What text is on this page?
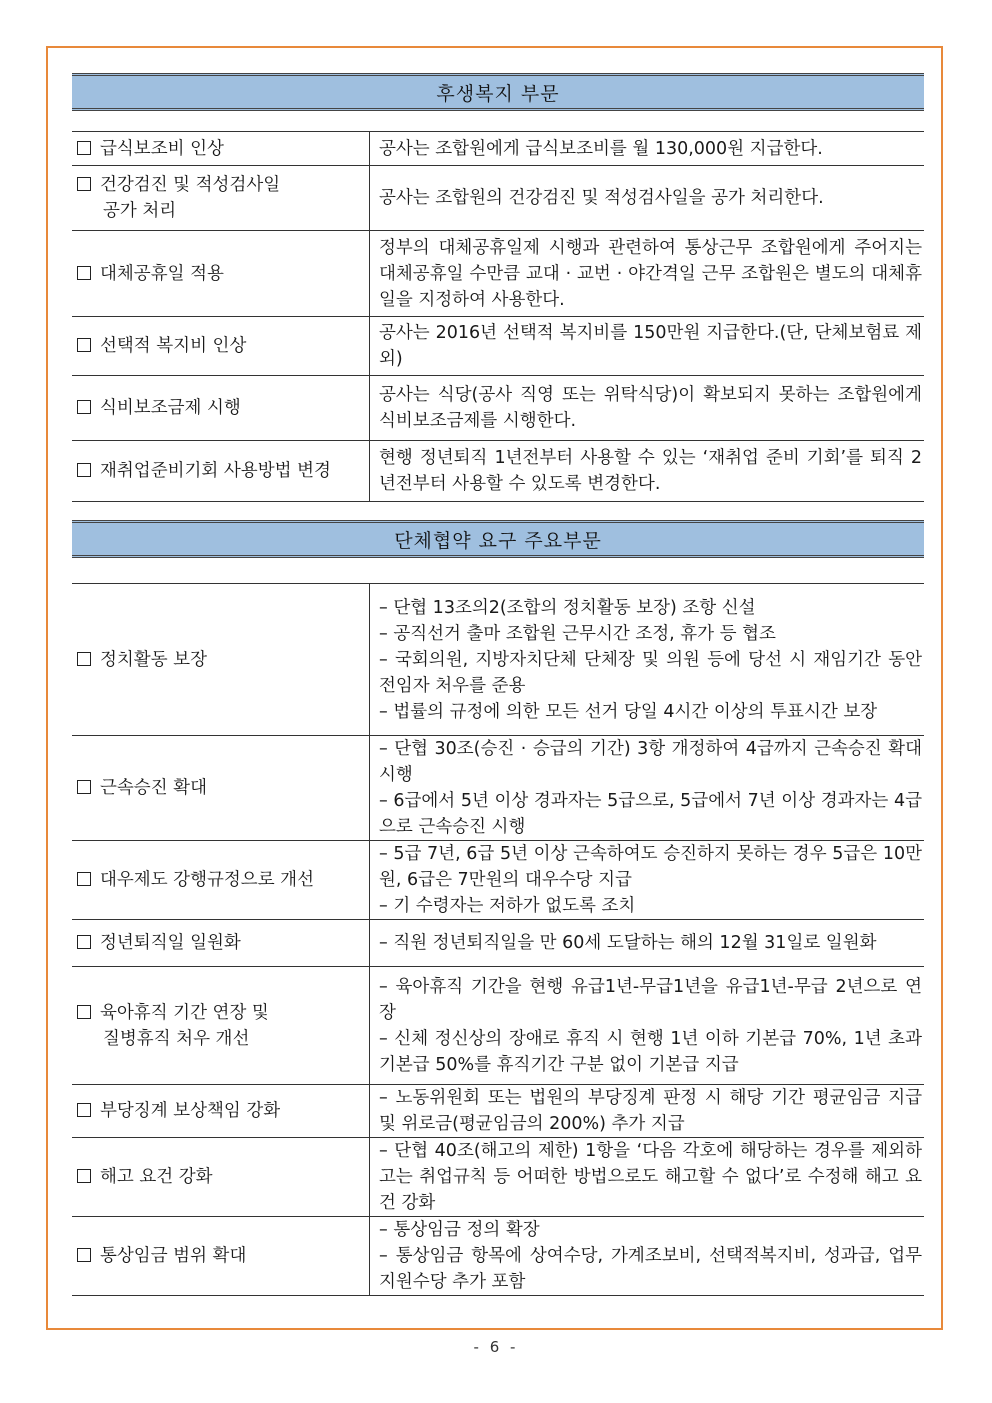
후생복지 부문
급식보조비 인상	공사는 조합원에게 급식보조비를 월 130,000원 지급한다.

건강검진 및 적성검사일
공가 처리	공사는 조합원의 건강검진 및 적성검사일을 공가 처리한다.

대체공휴일 적용	정부의 대체공휴일제 시행과 관련하여 통상근무 조합원에게 주어지는 대체공휴일 수만큼 교대 · 교번 · 야간격일 근무 조합원은 별도의 대체휴일을 지정하여 사용한다.

선택적 복지비 인상	공사는 2016년 선택적 복지비를 150만원 지급한다.(단, 단체보험료 제외)

식비보조금제 시행	공사는 식당(공사 직영 또는 위탁식당)이 확보되지 못하는 조합원에게 식비보조금제를 시행한다.

재취업준비기회 사용방법 변경	현행 정년퇴직 1년전부터 사용할 수 있는 ‘재취업 준비 기회’를 퇴직 2년전부터 사용할 수 있도록 변경한다.
단체협약 요구 주요부문
정치활동 보장	– 단협 13조의2(조합의 정치활동 보장) 조항 신설
– 공직선거 출마 조합원 근무시간 조정, 휴가 등 협조
– 국회의원, 지방자치단체 단체장 및 의원 등에 당선 시 재임기간 동안 전임자 처우를 준용
– 법률의 규정에 의한 모든 선거 당일 4시간 이상의 투표시간 보장

근속승진 확대	– 단협 30조(승진 · 승급의 기간) 3항 개정하여 4급까지 근속승진 확대 시행
– 6급에서 5년 이상 경과자는 5급으로, 5급에서 7년 이상 경과자는 4급으로 근속승진 시행

대우제도 강행규정으로 개선	– 5급 7년, 6급 5년 이상 근속하여도 승진하지 못하는 경우 5급은 10만원, 6급은 7만원의 대우수당 지급
– 기 수령자는 저하가 없도록 조치

정년퇴직일 일원화	– 직원 정년퇴직일을 만 60세 도달하는 해의 12월 31일로 일원화

육아휴직 기간 연장 및
질병휴직 처우 개선	– 육아휴직 기간을 현행 유급1년-무급1년을 유급1년-무급 2년으로 연장
– 신체 정신상의 장애로 휴직 시 현행 1년 이하 기본급 70%, 1년 초과 기본급 50%를 휴직기간 구분 없이 기본급 지급

부당징계 보상책임 강화	– 노동위원회 또는 법원의 부당징계 판정 시 해당 기간 평균임금 지급 및 위로금(평균임금의 200%) 추가 지급

해고 요건 강화	– 단협 40조(해고의 제한) 1항을 ‘다음 각호에 해당하는 경우를 제외하고는 취업규칙 등 어떠한 방법으로도 해고할 수 없다’로 수정해 해고 요건 강화

통상임금 범위 확대	– 통상임금 정의 확장
– 통상임금 항목에 상여수당, 가계조보비, 선택적복지비, 성과급, 업무지원수당 추가 포함
- 6 -
